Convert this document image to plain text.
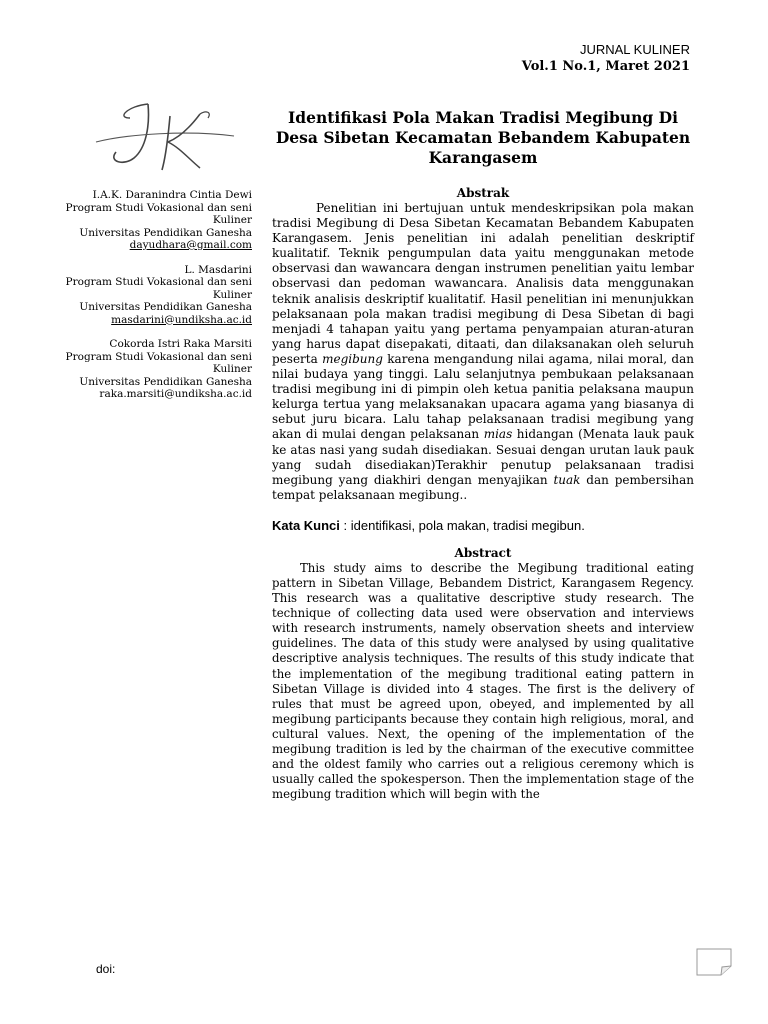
JURNAL KULINER
Vol.1 No.1, Maret 2021
I.A.K. Daranindra Cintia Dewi
Program Studi Vokasional dan seni Kuliner
Universitas Pendidikan Ganesha
dayudhara@gmail.com
L. Masdarini
Program Studi Vokasional dan seni Kuliner
Universitas Pendidikan Ganesha
masdarini@undiksha.ac.id
Cokorda Istri Raka Marsiti
Program Studi Vokasional dan seni Kuliner
Universitas Pendidikan Ganesha
raka.marsiti@undiksha.ac.id
Identifikasi Pola Makan Tradisi Megibung Di Desa Sibetan Kecamatan Bebandem Kabupaten Karangasem
Abstrak

Penelitian ini bertujuan untuk mendeskripsikan pola makan tradisi Megibung di Desa Sibetan Kecamatan Bebandem Kabupaten Karangasem. Jenis penelitian ini adalah penelitian deskriptif kualitatif. Teknik pengumpulan data yaitu menggunakan metode observasi dan wawancara dengan instrumen penelitian yaitu lembar observasi dan pedoman wawancara. Analisis data menggunakan teknik analisis deskriptif kualitatif. Hasil penelitian ini menunjukkan pelaksanaan pola makan tradisi megibung di Desa Sibetan di bagi menjadi 4 tahapan yaitu yang pertama penyampaian aturan-aturan yang harus dapat disepakati, ditaati, dan dilaksanakan oleh seluruh peserta megibung karena mengandung nilai agama, nilai moral, dan nilai budaya yang tinggi. Lalu selanjutnya pembukaan pelaksanaan tradisi megibung ini di pimpin oleh ketua panitia pelaksana maupun kelurga tertua yang melaksanakan upacara agama yang biasanya di sebut juru bicara. Lalu tahap pelaksanaan tradisi megibung yang akan di mulai dengan pelaksanan mias hidangan (Menata lauk pauk ke atas nasi yang sudah disediakan. Sesuai dengan urutan lauk pauk yang sudah disediakan)Terakhir penutup pelaksanaan tradisi megibung yang diakhiri dengan menyajikan tuak dan pembersihan tempat pelaksanaan megibung..

Kata Kunci : identifikasi, pola makan, tradisi megibun.

Abstract

This study aims to describe the Megibung traditional eating pattern in Sibetan Village, Bebandem District, Karangasem Regency. This research was a qualitative descriptive study research. The technique of collecting data used were observation and interviews with research instruments, namely observation sheets and interview guidelines. The data of this study were analysed by using qualitative descriptive analysis techniques. The results of this study indicate that the implementation of the megibung traditional eating pattern in Sibetan Village is divided into 4 stages. The first is the delivery of rules that must be agreed upon, obeyed, and implemented by all megibung participants because they contain high religious, moral, and cultural values. Next, the opening of the implementation of the megibung tradition is led by the chairman of the executive committee and the oldest family who carries out a religious ceremony which is usually called the spokesperson. Then the implementation stage of the megibung tradition which will begin with the

doi:
